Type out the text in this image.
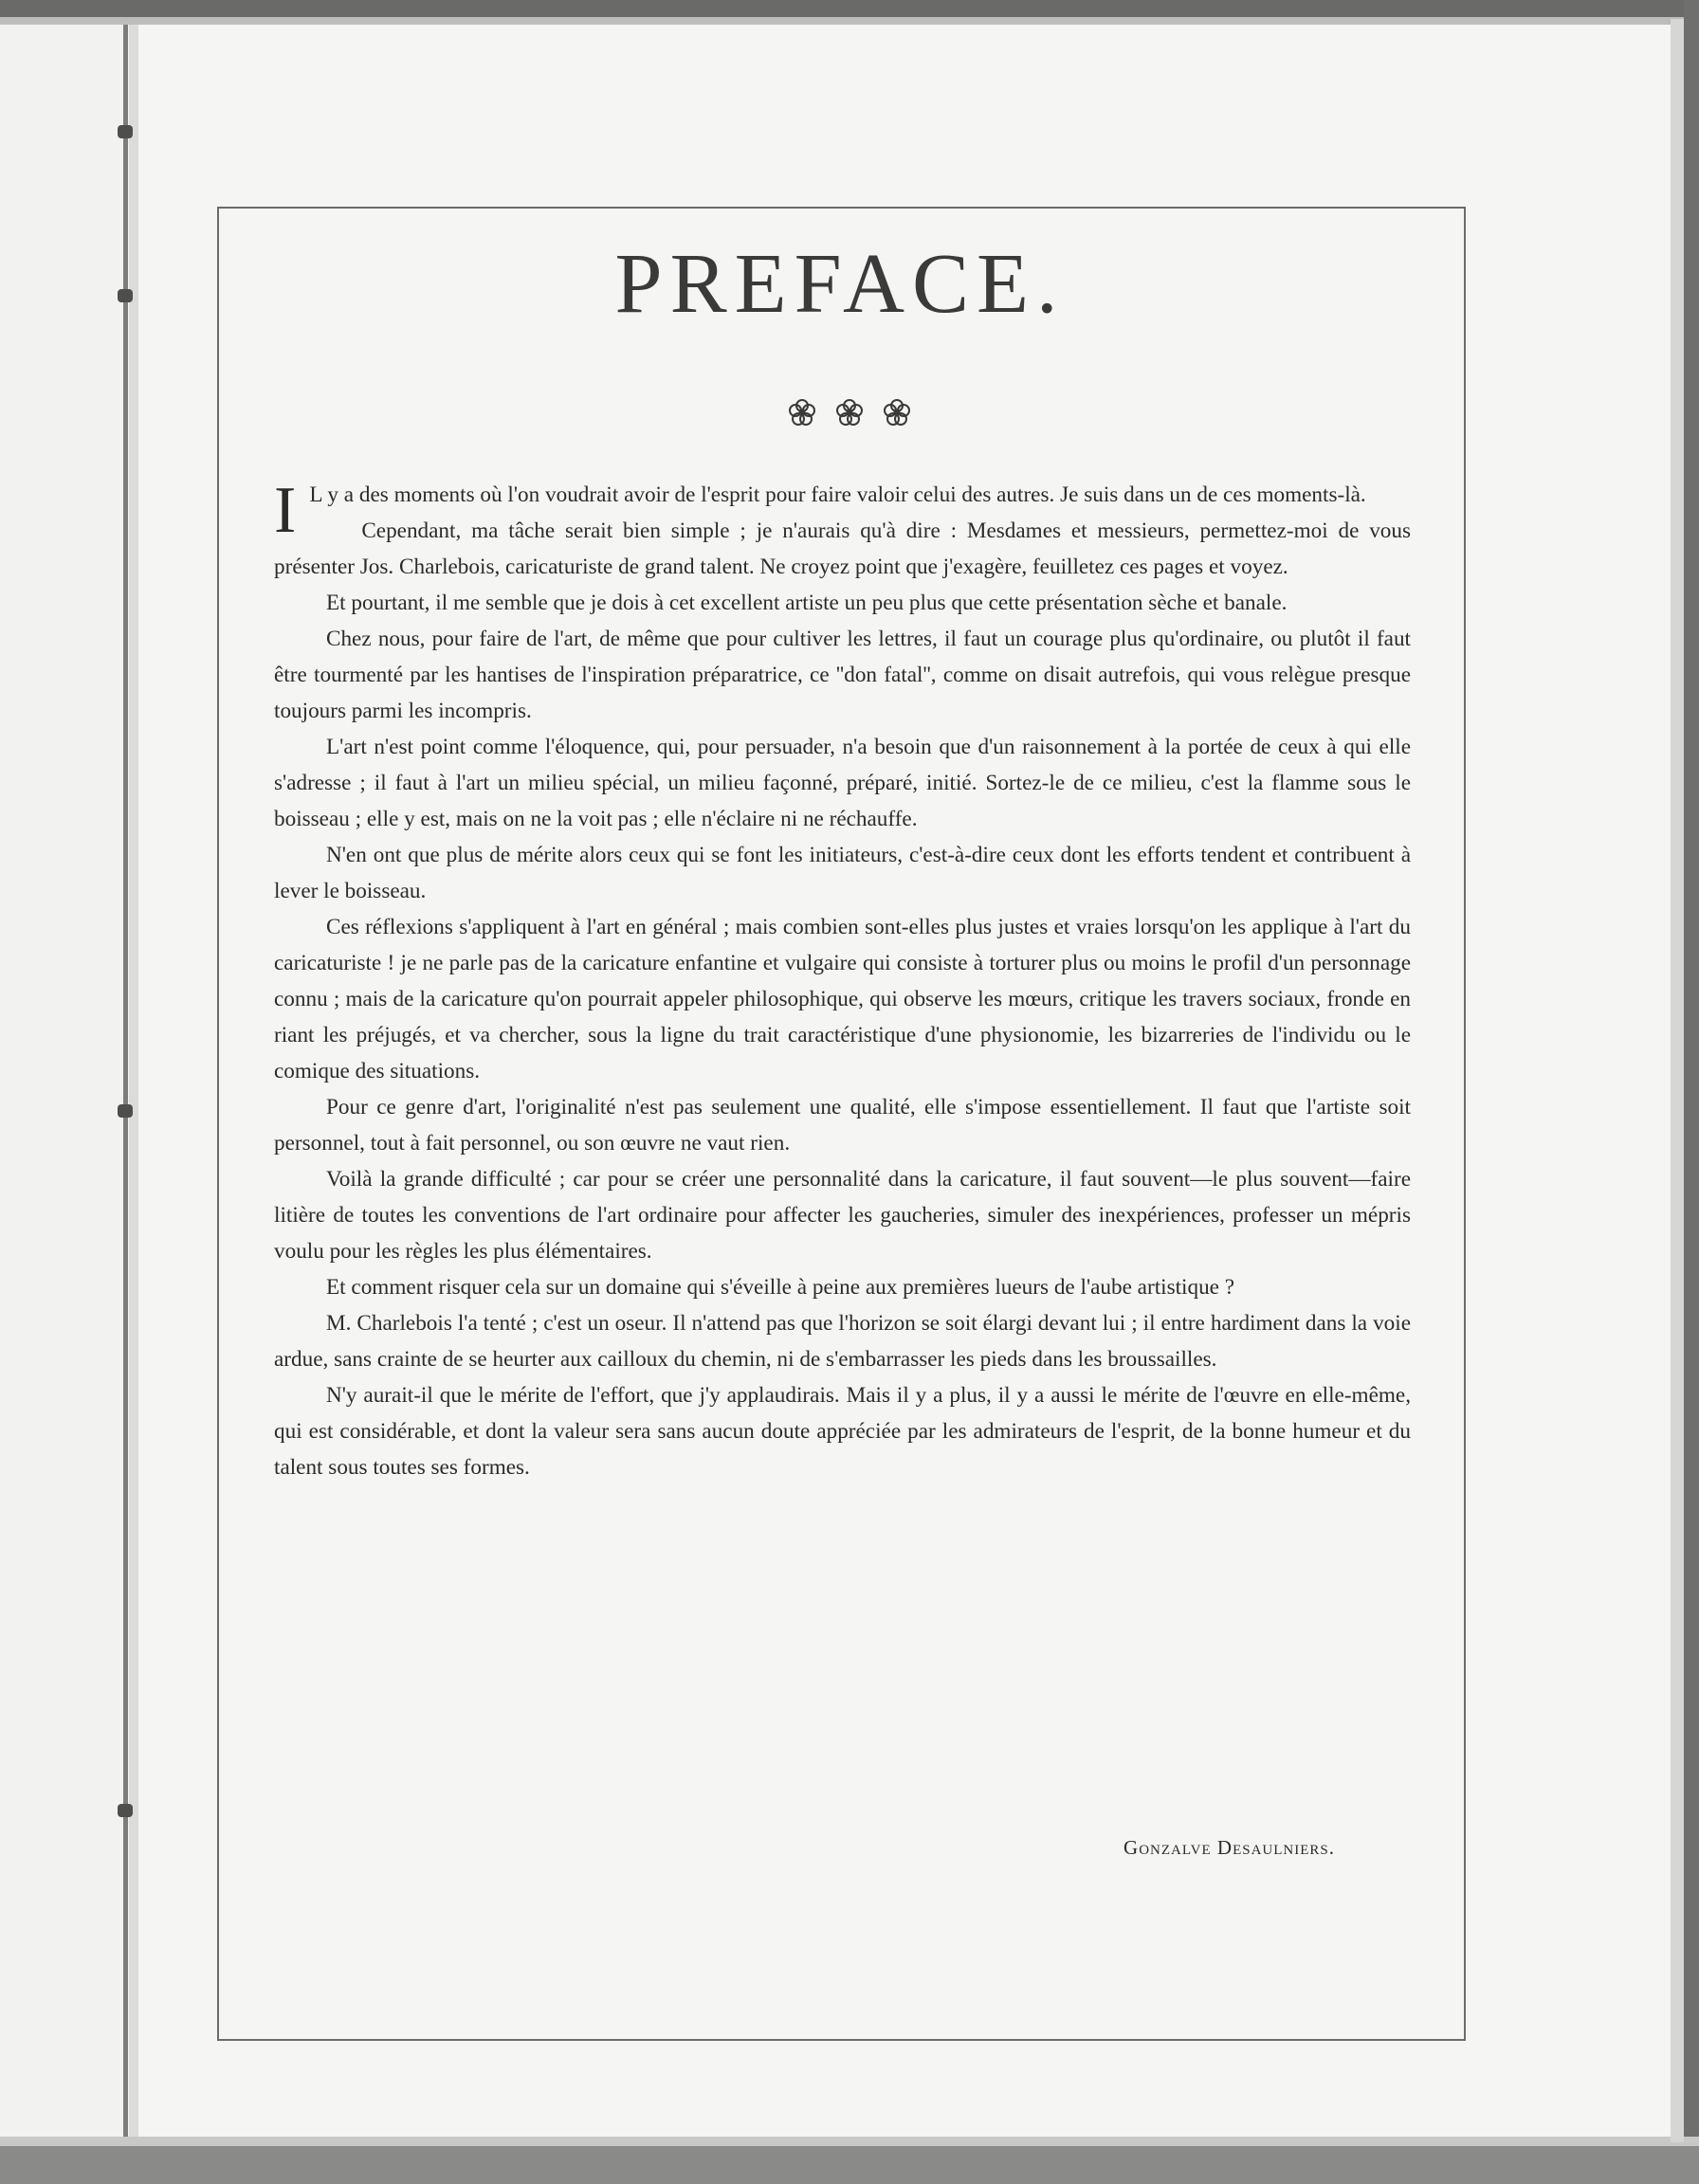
PREFACE.

I L y a des moments où l'on voudrait avoir de l'esprit pour faire valoir celui des autres. Je suis dans un de ces moments-là.

Cependant, ma tâche serait bien simple ; je n'aurais qu'à dire : Mesdames et messieurs, permettez-moi de vous présenter Jos. Charlebois, caricaturiste de grand talent. Ne croyez point que j'exagère, feuilletez ces pages et voyez.

Et pourtant, il me semble que je dois à cet excellent artiste un peu plus que cette présentation sèche et banale.

Chez nous, pour faire de l'art, de même que pour cultiver les lettres, il faut un courage plus qu'ordinaire, ou plutôt il faut être tourmenté par les hantises de l'inspiration préparatrice, ce ''don fatal'', comme on disait autrefois, qui vous relègue presque toujours parmi les incompris.

L'art n'est point comme l'éloquence, qui, pour persuader, n'a besoin que d'un raisonnement à la portée de ceux à qui elle s'adresse ; il faut à l'art un milieu spécial, un milieu façonné, préparé, initié. Sortez-le de ce milieu, c'est la flamme sous le boisseau ; elle y est, mais on ne la voit pas ; elle n'éclaire ni ne réchauffe.

N'en ont que plus de mérite alors ceux qui se font les initiateurs, c'est-à-dire ceux dont les efforts tendent et contribuent à lever le boisseau.

Ces réflexions s'appliquent à l'art en général ; mais combien sont-elles plus justes et vraies lorsqu'on les applique à l'art du caricaturiste ! je ne parle pas de la caricature enfantine et vulgaire qui consiste à torturer plus ou moins le profil d'un personnage connu ; mais de la caricature qu'on pourrait appeler philosophique, qui observe les mœurs, critique les travers sociaux, fronde en riant les préjugés, et va chercher, sous la ligne du trait caractéristique d'une physionomie, les bizarreries de l'individu ou le comique des situations.

Pour ce genre d'art, l'originalité n'est pas seulement une qualité, elle s'impose essentiellement. Il faut que l'artiste soit personnel, tout à fait personnel, ou son œuvre ne vaut rien.

Voilà la grande difficulté ; car pour se créer une personnalité dans la caricature, il faut souvent—le plus souvent—faire litière de toutes les conventions de l'art ordinaire pour affecter les gaucheries, simuler des inexpériences, professer un mépris voulu pour les règles les plus élémentaires.

Et comment risquer cela sur un domaine qui s'éveille à peine aux premières lueurs de l'aube artistique ?

M. Charlebois l'a tenté ; c'est un oseur. Il n'attend pas que l'horizon se soit élargi devant lui ; il entre hardiment dans la voie ardue, sans crainte de se heurter aux cailloux du chemin, ni de s'embarrasser les pieds dans les broussailles.

N'y aurait-il que le mérite de l'effort, que j'y applaudirais. Mais il y a plus, il y a aussi le mérite de l'œuvre en elle-même, qui est considérable, et dont la valeur sera sans aucun doute appréciée par les admirateurs de l'esprit, de la bonne humeur et du talent sous toutes ses formes.

Gonzalve Desaulniers.
